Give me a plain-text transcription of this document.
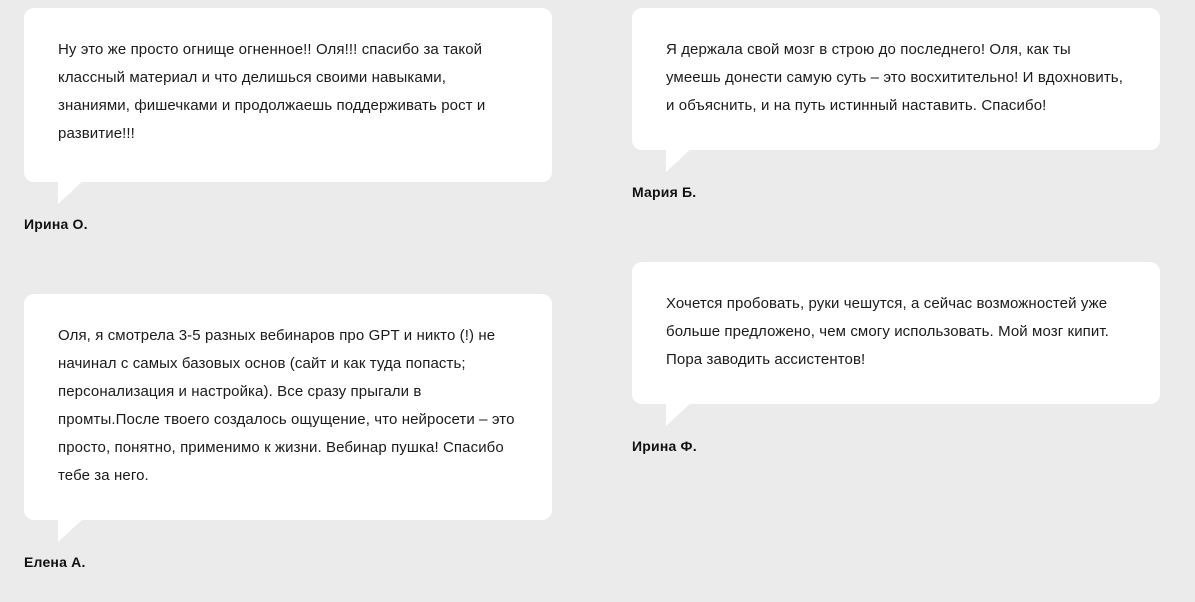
Ну это же просто огнище огненное!! Оля!!! спасибо за такой классный материал и что делишься своими навыками, знаниями, фишечками и продолжаешь поддерживать рост и развитие!!!
Ирина О.
Оля, я смотрела 3-5 разных вебинаров про GPT и никто (!) не начинал с самых базовых основ (сайт и как туда попасть; персонализация и настройка). Все сразу прыгали в промты.После твоего создалось ощущение, что нейросети – это просто, понятно, применимо к жизни. Вебинар пушка! Спасибо тебе за него.
Елена А.
Я держала свой мозг в строю до последнего! Оля, как ты умеешь донести самую суть – это восхитительно! И вдохновить, и объяснить, и на путь истинный наставить. Спасибо!
Мария Б.
Хочется пробовать, руки чешутся, а сейчас возможностей уже больше предложено, чем смогу использовать. Мой мозг кипит. Пора заводить ассистентов!
Ирина Ф.
